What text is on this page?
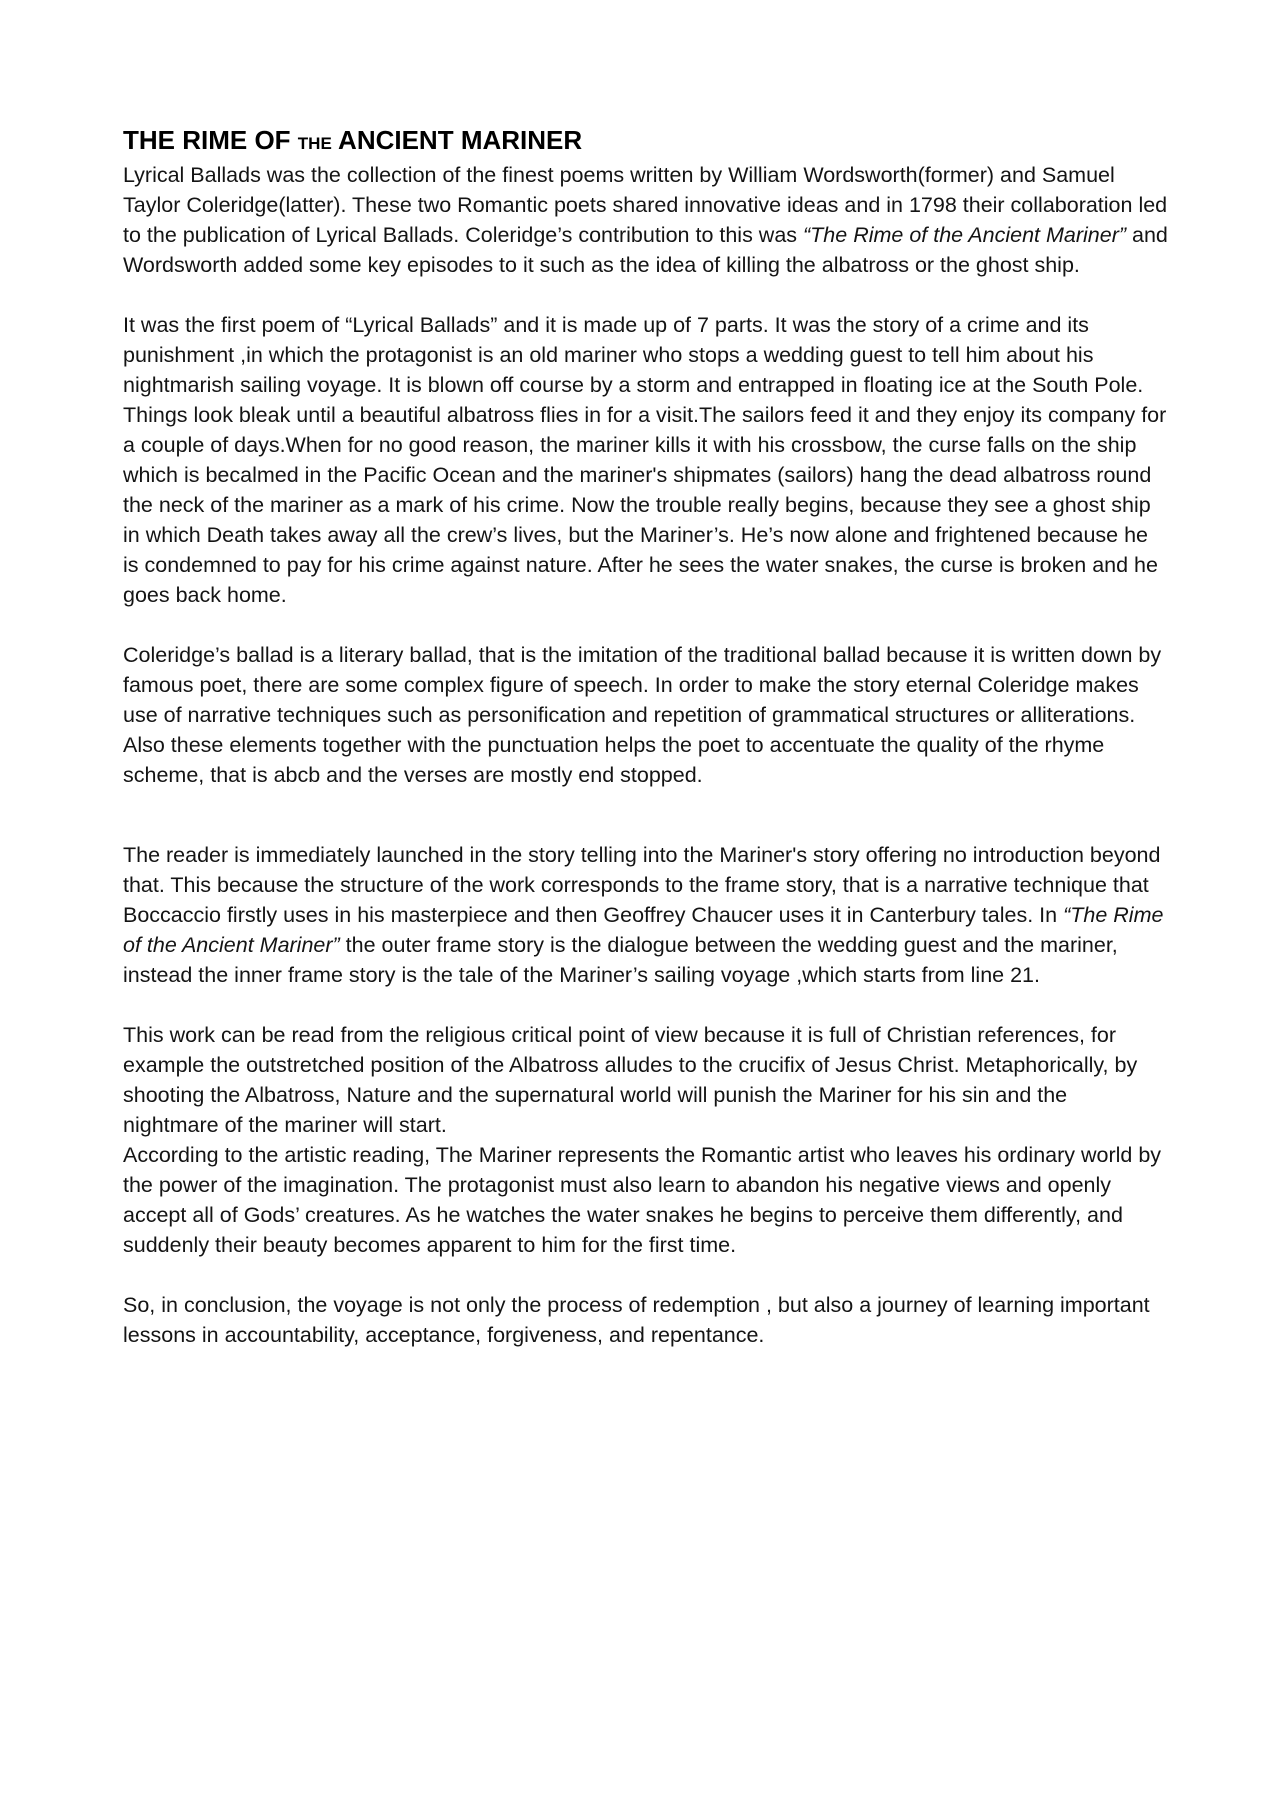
THE RIME OF THE ANCIENT MARINER

Lyrical Ballads was the collection of the finest poems written by William Wordsworth(former) and Samuel Taylor Coleridge(latter). These two Romantic poets shared innovative ideas and in 1798 their collaboration led to the publication of Lyrical Ballads. Coleridge’s contribution to this was “The Rime of the Ancient Mariner” and Wordsworth added some key episodes to it such as the idea of killing the albatross or the ghost ship.

It was the first poem of “Lyrical Ballads” and it is made up of 7 parts. It was the story of a crime and its punishment ,in which the protagonist is an old mariner who stops a wedding guest to tell him about his nightmarish sailing voyage. It is blown off course by a storm and entrapped in floating ice at the South Pole. Things look bleak until a beautiful albatross flies in for a visit.The sailors feed it and they enjoy its company for a couple of days.When for no good reason, the mariner kills it with his crossbow, the curse falls on the ship which is becalmed in the Pacific Ocean and the mariner's shipmates (sailors) hang the dead albatross round the neck of the mariner as a mark of his crime. Now the trouble really begins, because they see a ghost ship in which Death takes away all the crew’s lives, but the Mariner’s. He’s now alone and frightened because he is condemned to pay for his crime against nature. After he sees the water snakes, the curse is broken and he goes back home.

Coleridge’s ballad is a literary ballad, that is the imitation of the traditional ballad because it is written down by famous poet, there are some complex figure of speech. In order to make the story eternal Coleridge makes use of narrative techniques such as personification and repetition of grammatical structures or alliterations. Also these elements together with the punctuation helps the poet to accentuate the quality of the rhyme scheme, that is abcb and the verses are mostly end stopped.

The reader is immediately launched in the story telling into the Mariner's story offering no introduction beyond that. This because the structure of the work corresponds to the frame story, that is a narrative technique that Boccaccio firstly uses in his masterpiece and then Geoffrey Chaucer uses it in Canterbury tales. In “The Rime of the Ancient Mariner” the outer frame story is the dialogue between the wedding guest and the mariner, instead the inner frame story is the tale of the Mariner’s sailing voyage ,which starts from line 21.

This work can be read from the religious critical point of view because it is full of Christian references, for example the outstretched position of the Albatross alludes to the crucifix of Jesus Christ. Metaphorically, by shooting the Albatross, Nature and the supernatural world will punish the Mariner for his sin and the nightmare of the mariner will start.

According to the artistic reading, The Mariner represents the Romantic artist who leaves his ordinary world by the power of the imagination. The protagonist must also learn to abandon his negative views and openly accept all of Gods’ creatures. As he watches the water snakes he begins to perceive them differently, and suddenly their beauty becomes apparent to him for the first time.

So, in conclusion, the voyage is not only the process of redemption , but also a journey of learning important lessons in accountability, acceptance, forgiveness, and repentance.
